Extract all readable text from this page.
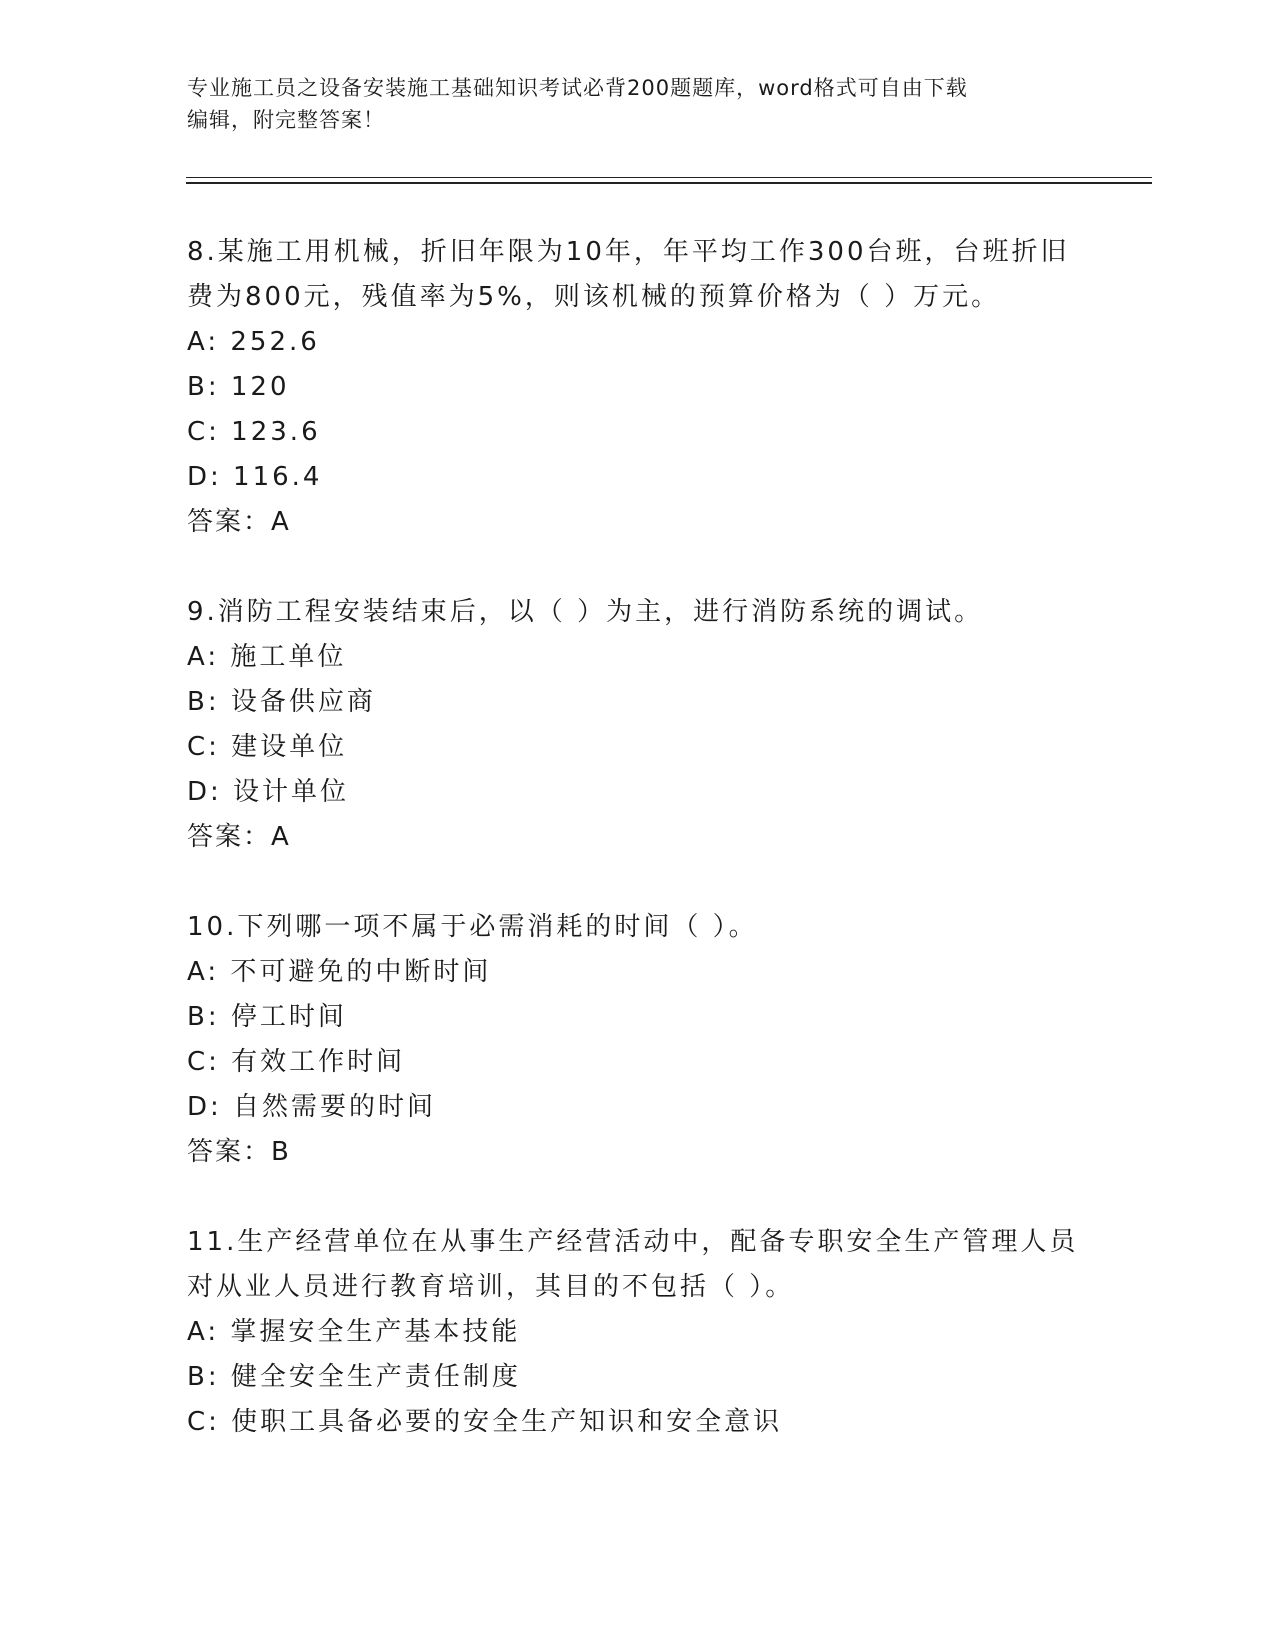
专业施工员之设备安装施工基础知识考试必背200题题库，word格式可自由下载
编辑，附完整答案！
8.某施工用机械，折旧年限为10年，年平均工作300台班，台班折旧
费为800元，残值率为5%，则该机械的预算价格为（ ）万元。
A: 252.6
B: 120
C: 123.6
D: 116.4
答案：A
9.消防工程安装结束后，以（ ）为主，进行消防系统的调试。
A: 施工单位
B: 设备供应商
C: 建设单位
D: 设计单位
答案：A
10.下列哪一项不属于必需消耗的时间（ ）。
A: 不可避免的中断时间
B: 停工时间
C: 有效工作时间
D: 自然需要的时间
答案：B
11.生产经营单位在从事生产经营活动中，配备专职安全生产管理人员
对从业人员进行教育培训，其目的不包括（ ）。
A: 掌握安全生产基本技能
B: 健全安全生产责任制度
C: 使职工具备必要的安全生产知识和安全意识
